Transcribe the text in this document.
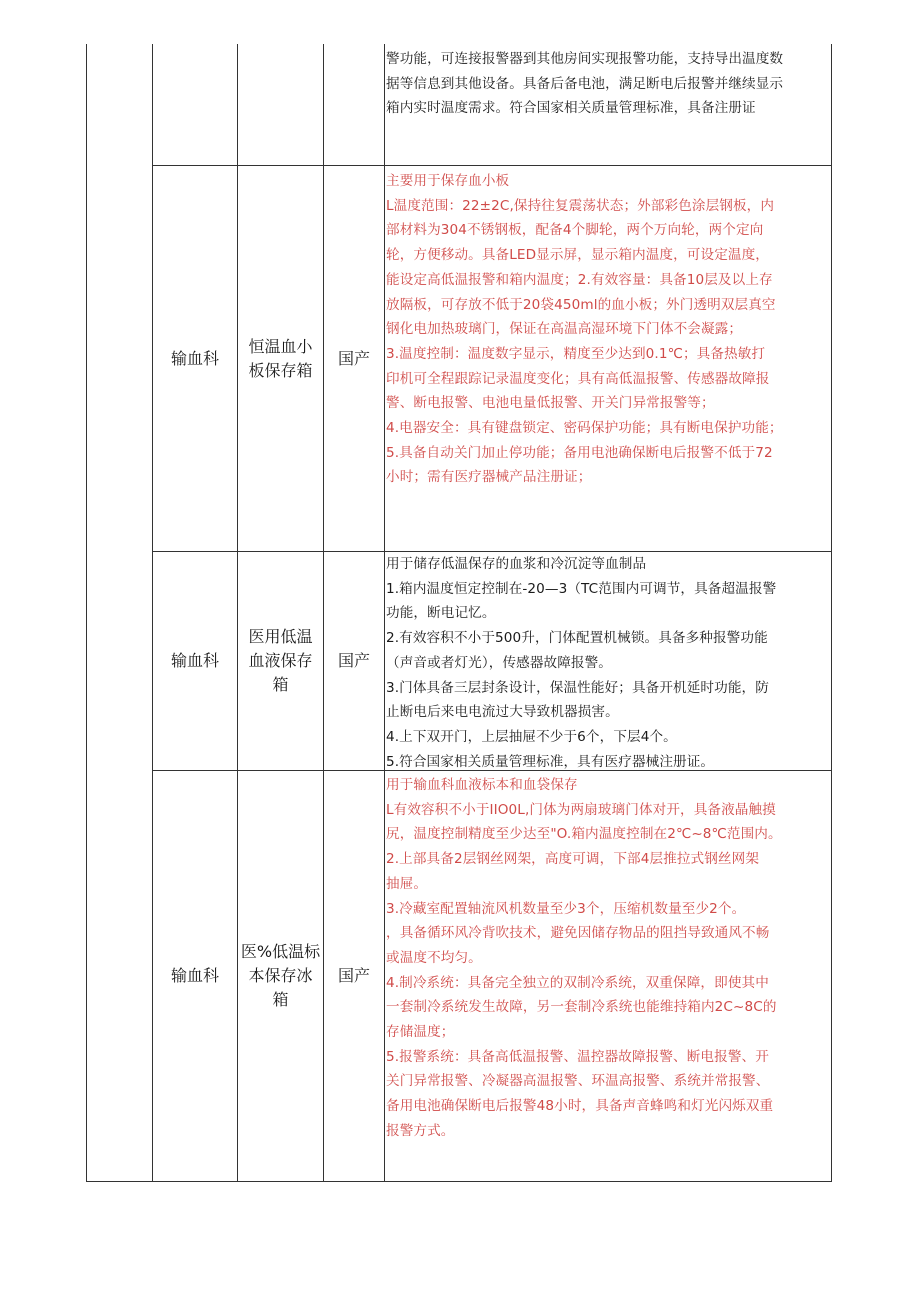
警功能，可连接报警器到其他房间实现报警功能，支持导出温度数
据等信息到其他设备。具备后备电池，满足断电后报警并继续显示
箱内实时温度需求。符合国家相关质量管理标准，具备注册证
输血科
恒温血小
板保存箱
国产
主要用于保存血小板
L温度范围：22±2C,保持往复震荡状态；外部彩色涂层钢板，内
部材料为304不锈钢板，配备4个脚轮，两个万向轮，两个定向
轮，方便移动。具备LED显示屏，显示箱内温度，可设定温度，
能设定高低温报警和箱内温度；2.有效容量：具备10层及以上存
放隔板，可存放不低于20袋450ml的血小板；外门透明双层真空
钢化电加热玻璃门，保证在高温高湿环境下门体不会凝露；
3.温度控制：温度数字显示，精度至少达到0.1℃；具备热敏打
印机可全程跟踪记录温度变化；具有高低温报警、传感器故障报
警、断电报警、电池电量低报警、开关门异常报警等；
4.电器安全：具有键盘锁定、密码保护功能；具有断电保护功能；
5.具备自动关门加止停功能；备用电池确保断电后报警不低于72
小时；需有医疗器械产品注册证；
输血科
医用低温
血液保存
箱
国产
用于储存低温保存的血浆和冷沉淀等血制品
1.箱内温度恒定控制在-20—3（TC范围内可调节，具备超温报警
功能，断电记忆。
2.有效容积不小于500升，门体配置机械锁。具备多种报警功能
（声音或者灯光），传感器故障报警。
3.门体具备三层封条设计，保温性能好；具备开机延时功能，防
止断电后来电电流过大导致机器损害。
4.上下双开门，上层抽屉不少于6个，下层4个。
5.符合国家相关质量管理标准，具有医疗器械注册证。
输血科
医%低温标
本保存冰
箱
国产
用于输血科血液标本和血袋保存
L有效容积不小于IIO0L,门体为两扇玻璃门体对开，具备液晶触摸
尻，温度控制精度至少达至"O.箱内温度控制在2℃~8℃范围内。
2.上部具备2层钢丝网架，高度可调，下部4层推拉式钢丝网架
抽屉。
3.冷藏室配置轴流风机数量至少3个，压缩机数量至少2个。
，具备循环风冷背吹技术，避免因储存物品的阻挡导致通风不畅
或温度不均匀。
4.制冷系统：具备完全独立的双制冷系统，双重保障，即使其中
一套制冷系统发生故障，另一套制冷系统也能维持箱内2C~8C的
存储温度；
5.报警系统：具备高低温报警、温控器故障报警、断电报警、开
关门异常报警、冷凝器高温报警、环温高报警、系统并常报警、
备用电池确保断电后报警48小时，具备声音蜂鸣和灯光闪烁双重
报警方式。
